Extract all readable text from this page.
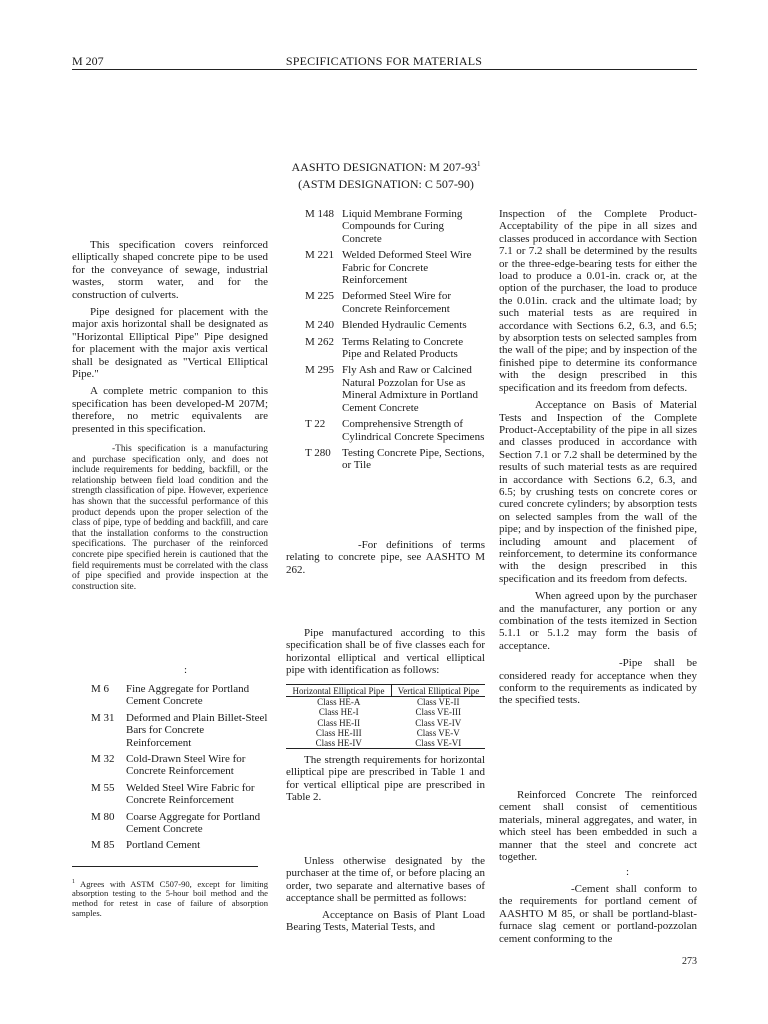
M 207	SPECIFICATIONS FOR MATERIALS
AASHTO DESIGNATION: M $207-93^1$
(ASTM DESIGNATION: C 507-90)

This specification covers reinforced elliptically shaped concrete pipe to be used for the conveyance of sewage, industrial wastes, storm water, and for the construction of culverts.

Pipe designed for placement with the major axis horizontal shall be designated as "Horizontal Elliptical Pipe" Pipe designed for placement with the major axis vertical shall be designated as "Vertical Elliptical Pipe."

A complete metric companion to this specification has been developed-M 207M; therefore, no metric equivalents are presented in this specification.

-This specification is a manufacturing and purchase specification only, and does not include requirements for bedding, backfill, or the relationship between field load condition and the strength classification of pipe. However, experience has shown that the successful performance of this product depends upon the proper selection of the class of pipe, type of bedding and backfill, and care that the installation conforms to the construction specifications. The purchaser of the reinforced concrete pipe specified herein is cautioned that the field requirements must be correlated with the class of pipe specified and provide inspection at the construction site.

:
M 6	Fine Aggregate for Portland Cement Concrete
M 31	Deformed and Plain Billet-Steel Bars for Concrete Reinforcement
M 32	Cold-Drawn Steel Wire for Concrete Reinforcement
M 55	Welded Steel Wire Fabric for Concrete Reinforcement
M 80	Coarse Aggregate for Portland Cement Concrete
M 85	Portland Cement
$^1$ Agrees with ASTM C507-90, except for limiting absorption testing to the 5-hour boil method and the method for retest in case of failure of absorption samples.
M 148 Liquid Membrane Forming Compounds for Curing Concrete
M 221 Welded Deformed Steel Wire Fabric for Concrete Reinforcement
M 225 Deformed Steel Wire for Concrete Reinforcement
M 240 Blended Hydraulic Cements
M 262 Terms Relating to Concrete Pipe and Related Products
M 295 Fly Ash and Raw or Calcined Natural Pozzolan for Use as Mineral Admixture in Portland Cement Concrete
T 22	Comprehensive Strength of Cylindrical Concrete Specimens
T 280	Testing Concrete Pipe, Sections, or Tile

-For definitions of terms relating to concrete pipe, see AASHTO M 262.

Pipe manufactured according to this specification shall be of five classes each for horizontal elliptical and vertical elliptical pipe with identification as follows:

Horizontal Elliptical Pipe	Vertical Elliptical Pipe
Class HE-A	Class VE-II
Class HE-I	Class VE-III
Class HE-II	Class VE-IV
Class HE-III	Class VE-V
Class HE-IV	Class VE-VI

The strength requirements for horizontal elliptical pipe are prescribed in Table 1 and for vertical elliptical pipe are prescribed in Table 2.

Unless otherwise designated by the purchaser at the time of, or before placing an order, two separate and alternative bases of acceptance shall be permitted as follows:

Acceptance on Basis of Plant Load Bearing Tests, Material Tests, and

Inspection of the Complete Product-Acceptability of the pipe in all sizes and classes produced in accordance with Section 7.1 or 7.2 shall be determined by the results or the three-edge-bearing tests for either the load to produce a 0.01-in. crack or, at the option of the purchaser, the load to produce the 0.01in. crack and the ultimate load; by such material tests as are required in accordance with Sections 6.2, 6.3, and 6.5; by absorption tests on selected samples from the wall of the pipe; and by inspection of the finished pipe to determine its conformance with the design prescribed in this specification and its freedom from defects.

Acceptance on Basis of Material Tests and Inspection of the Complete Product-Acceptability of the pipe in all sizes and classes produced in accordance with Section 7.1 or 7.2 shall be determined by the results of such material tests as are required in accordance with Sections 6.2, 6.3, and 6.5; by crushing tests on concrete cores or cured concrete cylinders; by absorption tests on selected samples from the wall of the pipe; and by inspection of the finished pipe, including amount and placement of reinforcement, to determine its conformance with the design prescribed in this specification and its freedom from defects.

When agreed upon by the purchaser and the manufacturer, any portion or any combination of the tests itemized in Section 5.1.1 or 5.1.2 may form the basis of acceptance.

-Pipe shall be considered ready for acceptance when they conform to the requirements as indicated by the specified tests.

Reinforced Concrete The reinforced cement shall consist of cementitious materials, mineral aggregates, and water, in which steel has been embedded in such a manner that the steel and concrete act together.

:

-Cement shall conform to the requirements for portland cement of AASHTO M 85, or shall be portland-blast-furnace slag cement or portland-pozzolan cement conforming to the

273
